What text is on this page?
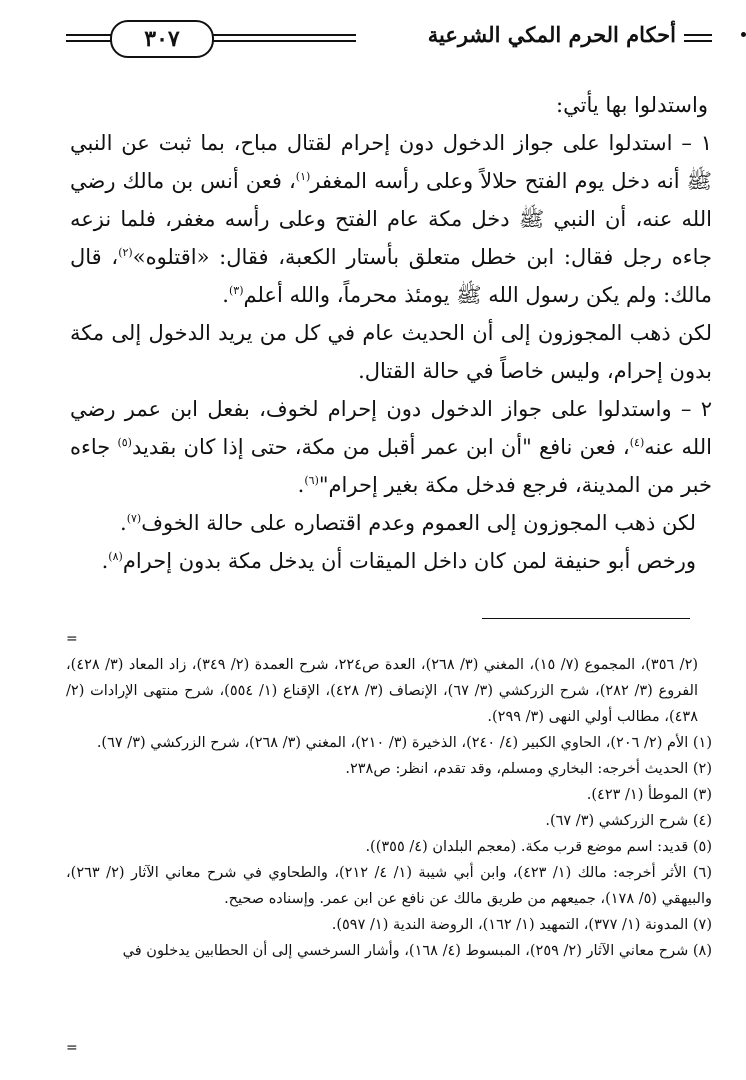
٣٠٧	أحكام الحرم المكي الشرعية

واستدلوا بها يأتي:

١ – استدلوا على جواز الدخول دون إحرام لقتال مباح، بما ثبت عن النبي ﷺ أنه دخل يوم الفتح حلالاً وعلى رأسه المغفر$^{(١)}$، فعن أنس بن مالك رضي الله عنه، أن النبي ﷺ دخل مكة عام الفتح وعلى رأسه مغفر، فلما نزعه جاءه رجل فقال: ابن خطل متعلق بأستار الكعبة، فقال: «اقتلوه»$^{(٢)}$، قال مالك: ولم يكن رسول الله ﷺ يومئذ محرماً، والله أعلم$^{(٣)}$.

لكن ذهب المجوزون إلى أن الحديث عام في كل من يريد الدخول إلى مكة بدون إحرام، وليس خاصاً في حالة القتال.

٢ – واستدلوا على جواز الدخول دون إحرام لخوف، بفعل ابن عمر رضي الله عنه$^{(٤)}$، فعن نافع "أن ابن عمر أقبل من مكة، حتى إذا كان بقديد$^{(٥)}$ جاءه خبر من المدينة، فرجع فدخل مكة بغير إحرام"$^{(٦)}$.

لكن ذهب المجوزون إلى العموم وعدم اقتصاره على حالة الخوف$^{(٧)}$.

ورخص أبو حنيفة لمن كان داخل الميقات أن يدخل مكة بدون إحرام$^{(٨)}$.

=

(٢/ ٣٥٦)، المجموع (٧/ ١٥)، المغني (٣/ ٢٦٨)، العدة ص٢٢٤، شرح العمدة (٢/ ٣٤٩)، زاد المعاد (٣/ ٤٢٨)، الفروع (٣/ ٢٨٢)، شرح الزركشي (٣/ ٦٧)، الإنصاف (٣/ ٤٢٨)، الإقناع (١/ ٥٥٤)، شرح منتهى الإرادات (٢/ ٤٣٨)، مطالب أولي النهى (٣/ ٢٩٩).

(١) الأم (٢/ ٢٠٦)، الحاوي الكبير (٤/ ٢٤٠)، الذخيرة (٣/ ٢١٠)، المغني (٣/ ٢٦٨)، شرح الزركشي (٣/ ٦٧).

(٢) الحديث أخرجه: البخاري ومسلم، وقد تقدم، انظر: ص٢٣٨.

(٣) الموطأ (١/ ٤٢٣).

(٤) شرح الزركشي (٣/ ٦٧).

(٥) قديد: اسم موضع قرب مكة. (معجم البلدان (٤/ ٣٥٥)).

(٦) الأثر أخرجه: مالك (١/ ٤٢٣)، وابن أبي شيبة (١/ ٤/ ٢١٢)، والطحاوي في شرح معاني الآثار (٢/ ٢٦٣)، والبيهقي (٥/ ١٧٨)، جميعهم من طريق مالك عن نافع عن ابن عمر. وإسناده صحيح.

(٧) المدونة (١/ ٣٧٧)، التمهيد (١/ ١٦٢)، الروضة الندية (١/ ٥٩٧).

(٨) شرح معاني الآثار (٢/ ٢٥٩)، المبسوط (٤/ ١٦٨)، وأشار السرخسي إلى أن الحطابين يدخلون في

=
